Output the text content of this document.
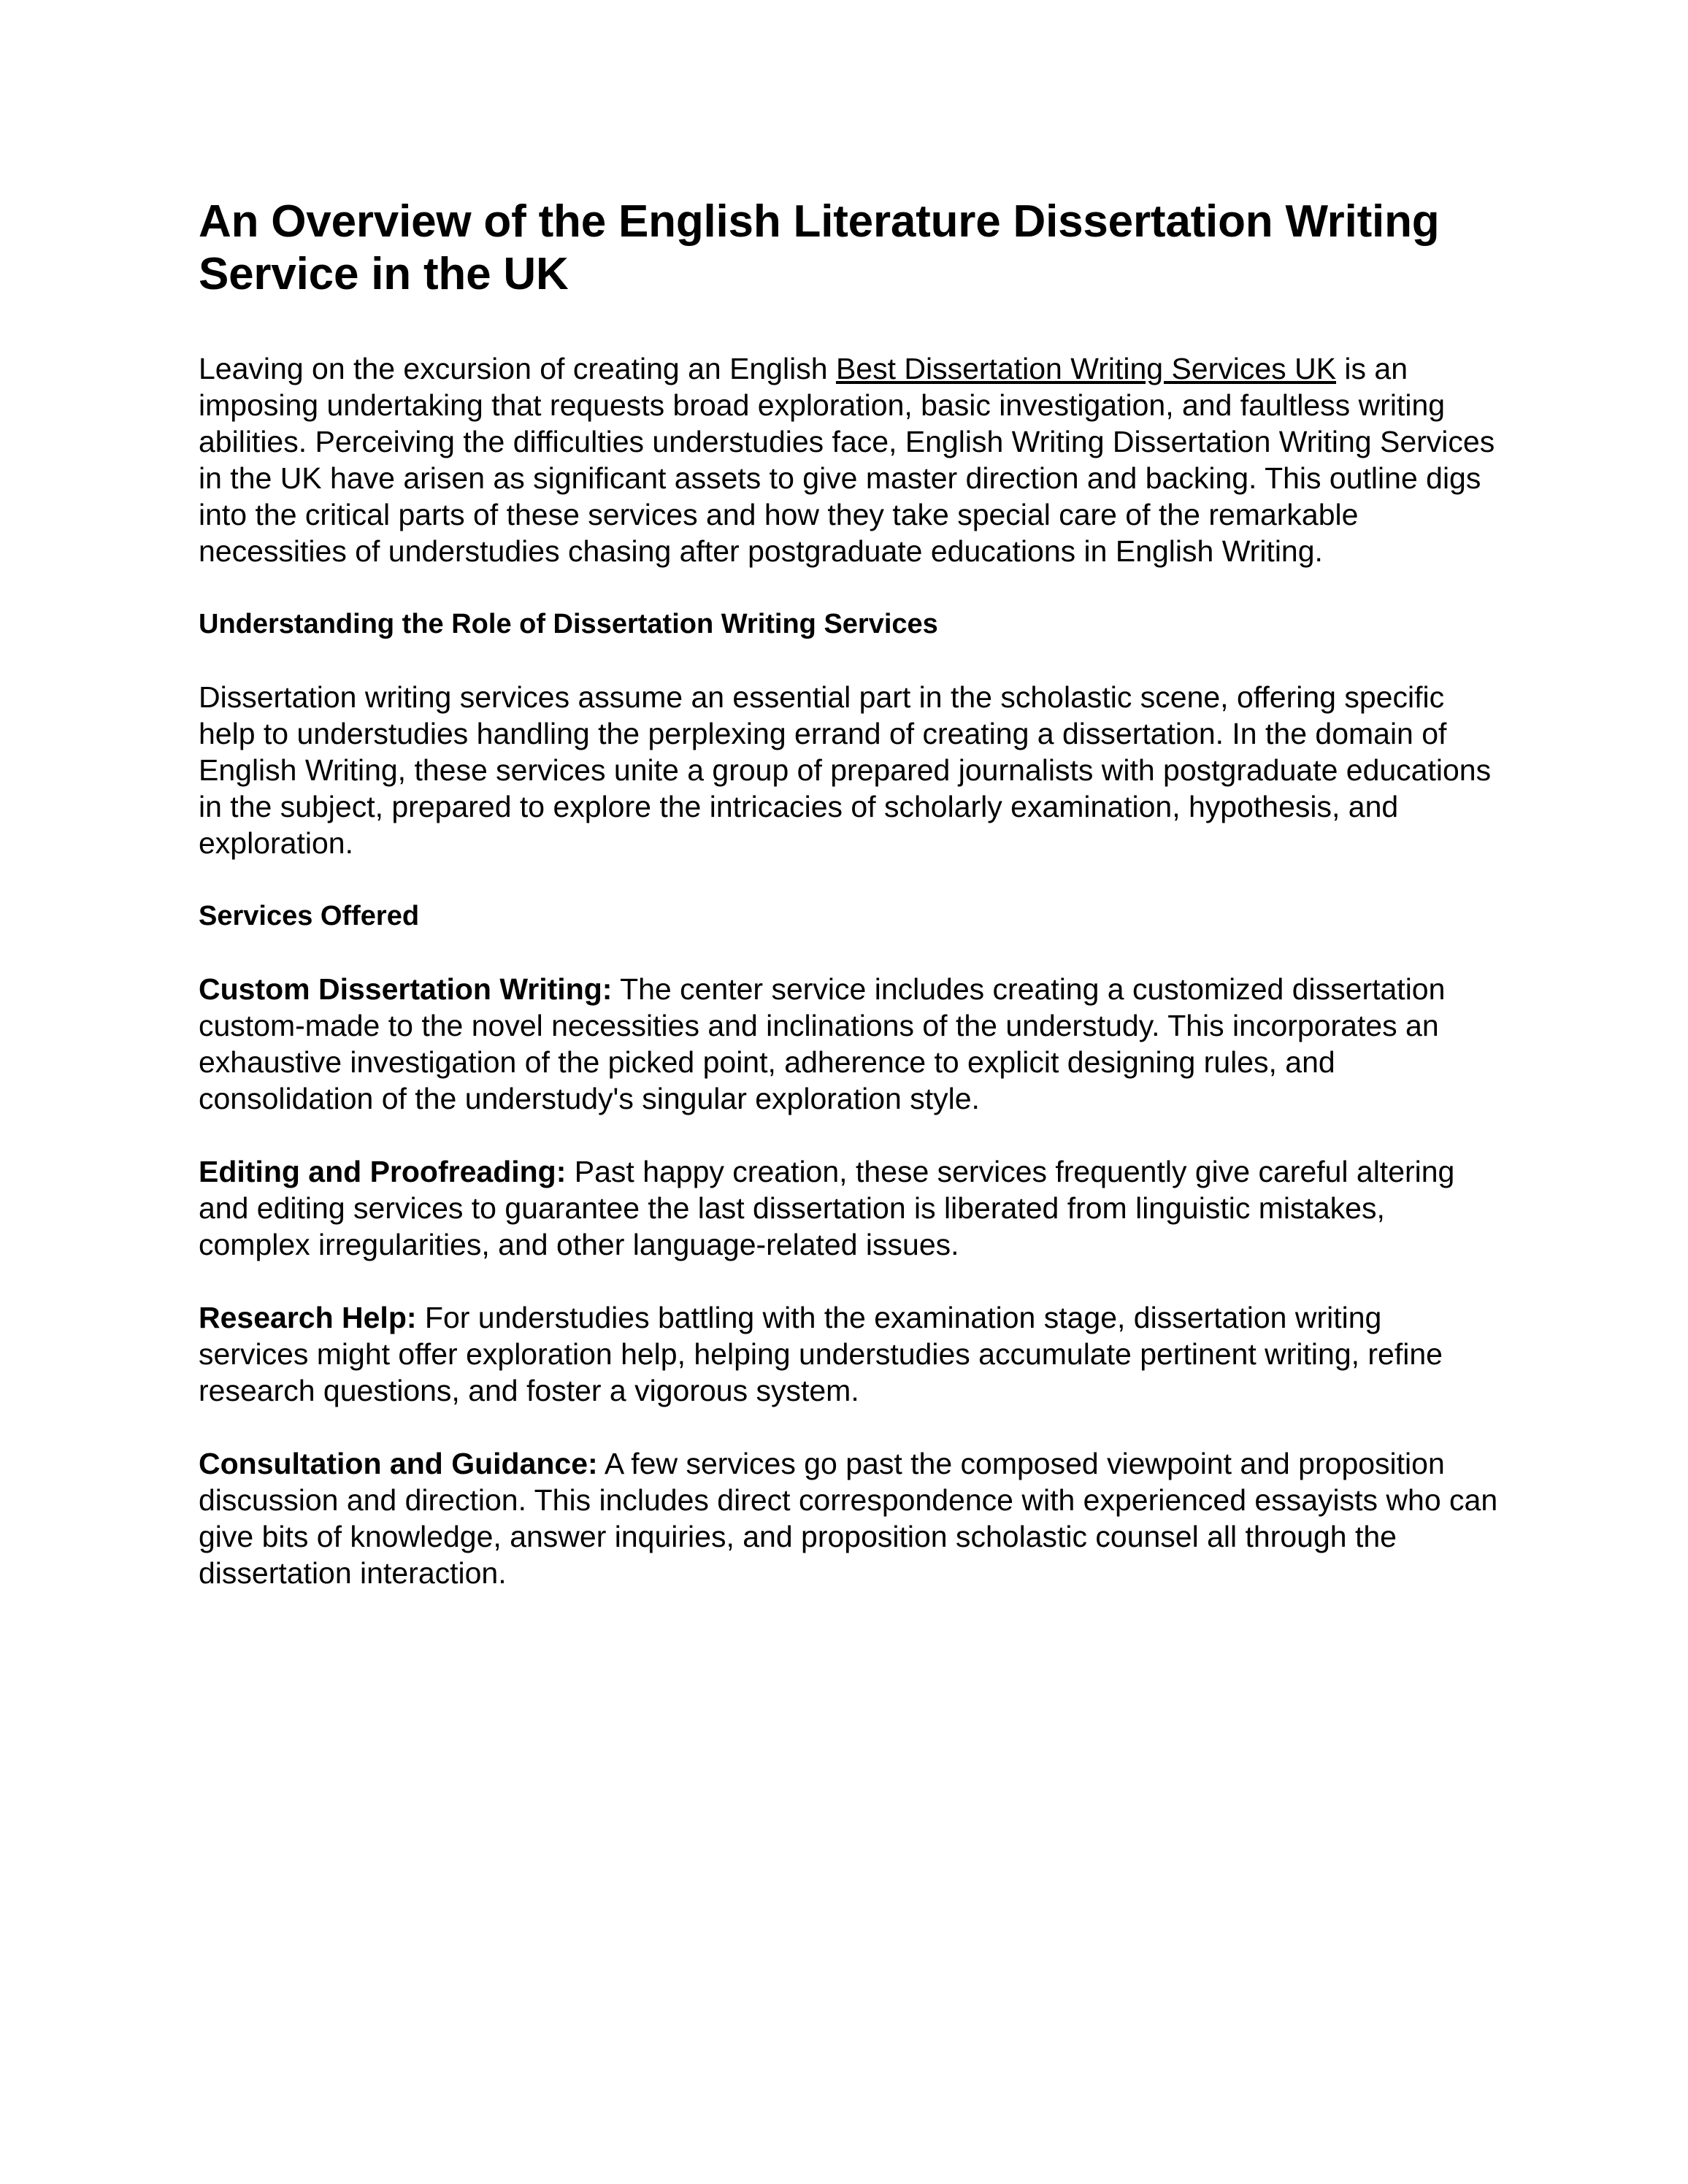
An Overview of the English Literature Dissertation Writing Service in the UK

Leaving on the excursion of creating an English Best Dissertation Writing Services UK is an imposing undertaking that requests broad exploration, basic investigation, and faultless writing abilities. Perceiving the difficulties understudies face, English Writing Dissertation Writing Services in the UK have arisen as significant assets to give master direction and backing. This outline digs into the critical parts of these services and how they take special care of the remarkable necessities of understudies chasing after postgraduate educations in English Writing.

Understanding the Role of Dissertation Writing Services

Dissertation writing services assume an essential part in the scholastic scene, offering specific help to understudies handling the perplexing errand of creating a dissertation. In the domain of English Writing, these services unite a group of prepared journalists with postgraduate educations in the subject, prepared to explore the intricacies of scholarly examination, hypothesis, and exploration.

Services Offered

Custom Dissertation Writing: The center service includes creating a customized dissertation custom-made to the novel necessities and inclinations of the understudy. This incorporates an exhaustive investigation of the picked point, adherence to explicit designing rules, and consolidation of the understudy's singular exploration style.

Editing and Proofreading: Past happy creation, these services frequently give careful altering and editing services to guarantee the last dissertation is liberated from linguistic mistakes, complex irregularities, and other language-related issues.

Research Help: For understudies battling with the examination stage, dissertation writing services might offer exploration help, helping understudies accumulate pertinent writing, refine research questions, and foster a vigorous system.

Consultation and Guidance: A few services go past the composed viewpoint and proposition discussion and direction. This includes direct correspondence with experienced essayists who can give bits of knowledge, answer inquiries, and proposition scholastic counsel all through the dissertation interaction.
